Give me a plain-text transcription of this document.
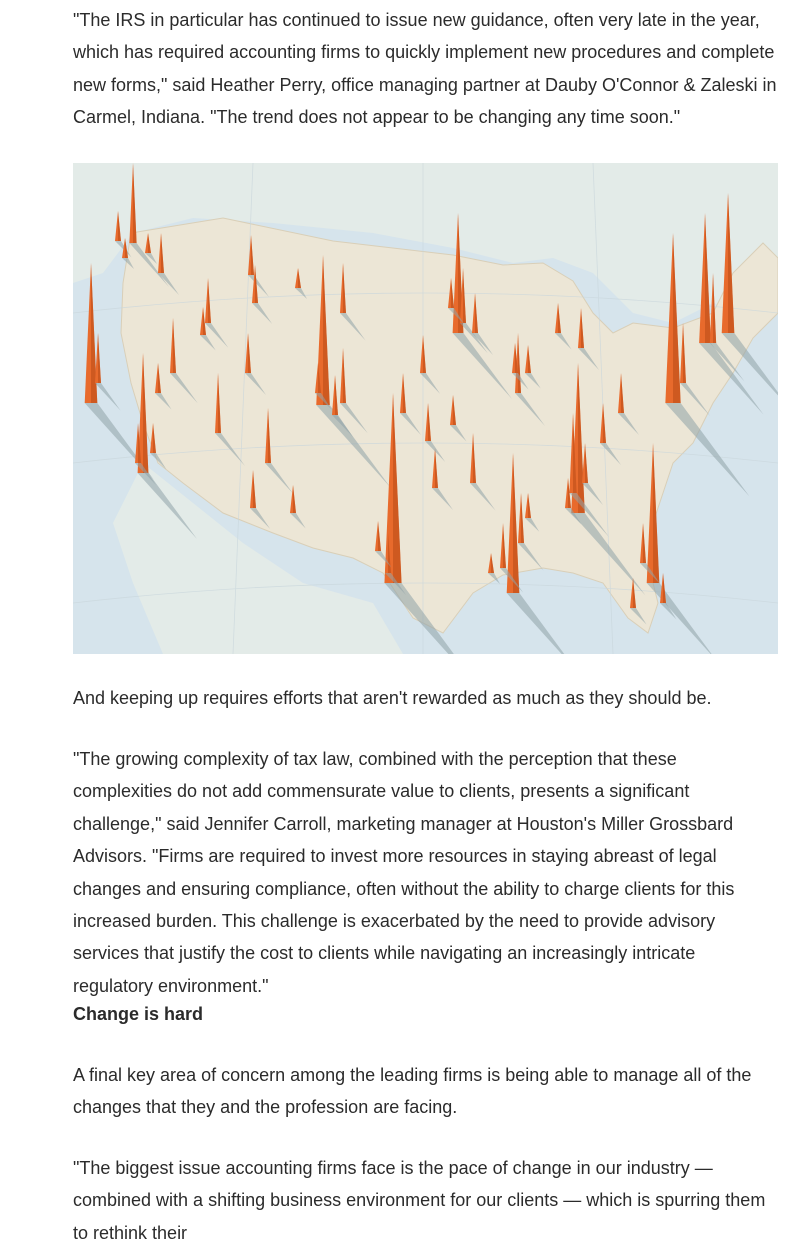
"The IRS in particular has continued to issue new guidance, often very late in the year, which has required accounting firms to quickly implement new procedures and complete new forms," said Heather Perry, office managing partner at Dauby O'Connor & Zaleski in Carmel, Indiana. "The trend does not appear to be changing any time soon."

And keeping up requires efforts that aren't rewarded as much as they should be.

"The growing complexity of tax law, combined with the perception that these complexities do not add commensurate value to clients, presents a significant challenge," said Jennifer Carroll, marketing manager at Houston's Miller Grossbard Advisors. "Firms are required to invest more resources in staying abreast of legal changes and ensuring compliance, often without the ability to charge clients for this increased burden. This challenge is exacerbated by the need to provide advisory services that justify the cost to clients while navigating an increasingly intricate regulatory environment."

Change is hard

A final key area of concern among the leading firms is being able to manage all of the changes that they and the profession are facing.

"The biggest issue accounting firms face is the pace of change in our industry — combined with a shifting business environment for our clients — which is spurring them to rethink their
